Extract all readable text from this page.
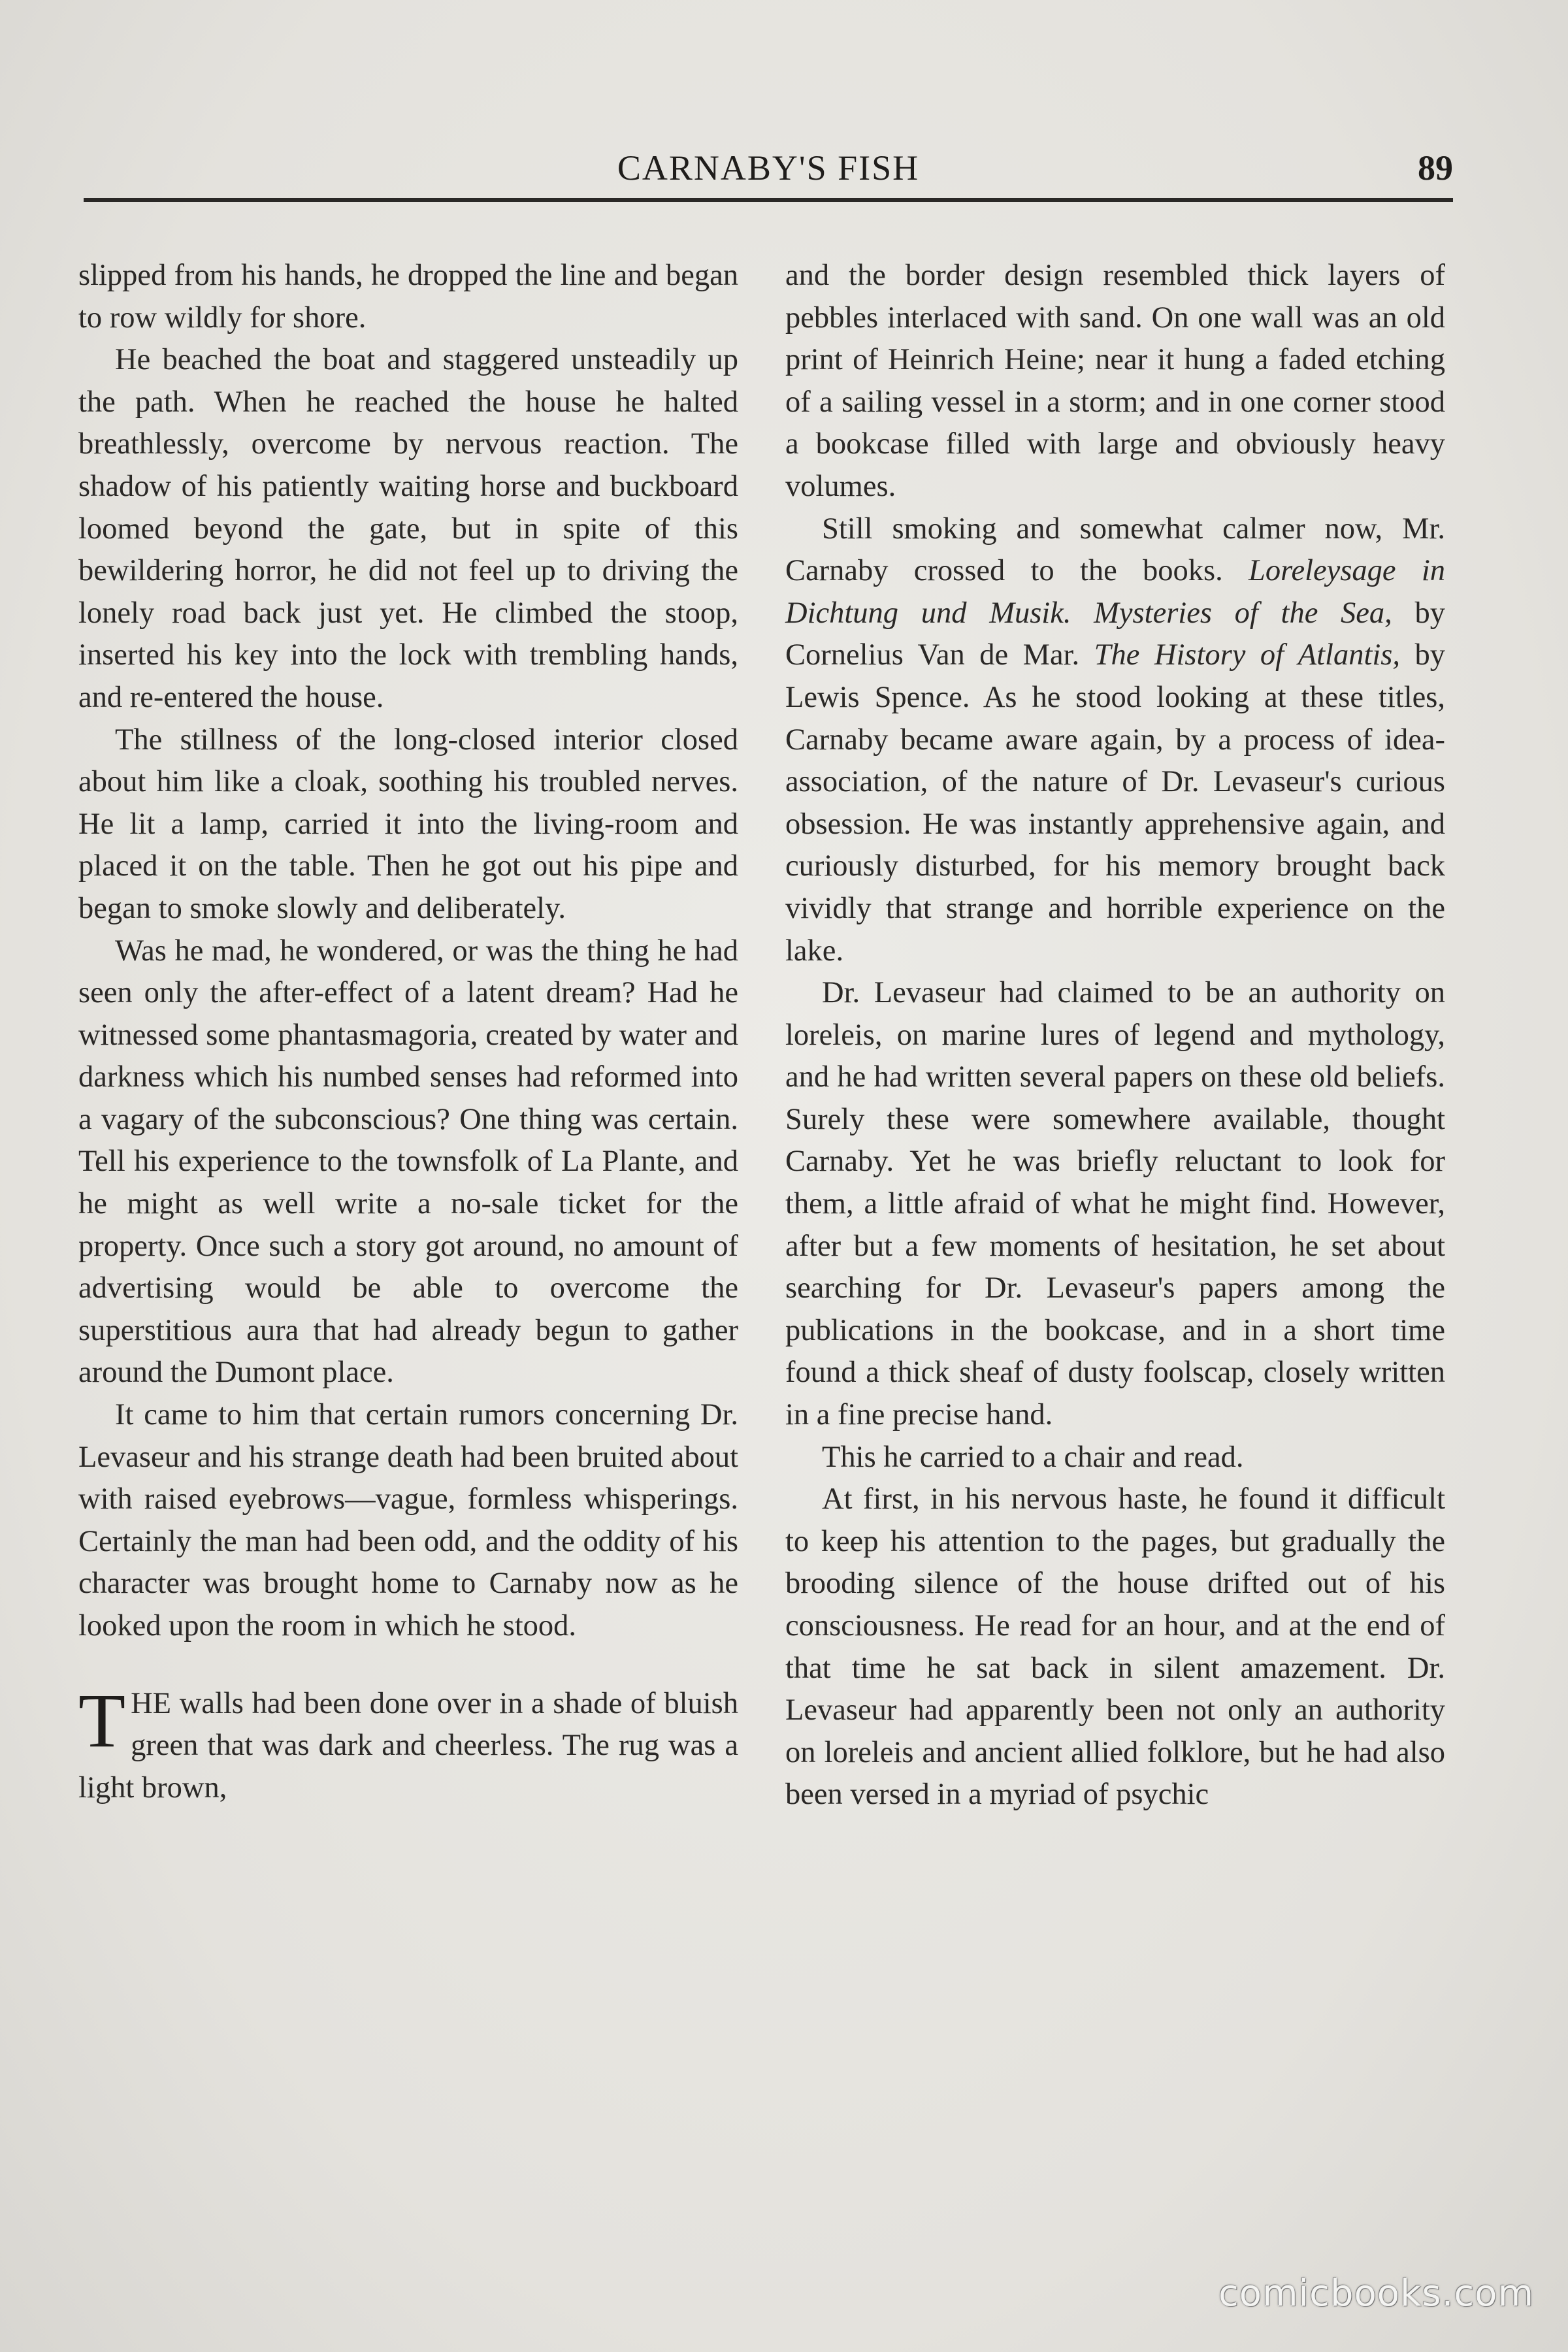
CARNABY'S FISH	89

slipped from his hands, he dropped the line and began to row wildly for shore.

He beached the boat and staggered unsteadily up the path. When he reached the house he halted breathlessly, overcome by nervous reaction. The shadow of his patiently waiting horse and buckboard loomed beyond the gate, but in spite of this bewildering horror, he did not feel up to driving the lonely road back just yet. He climbed the stoop, inserted his key into the lock with trembling hands, and re-entered the house.

The stillness of the long-closed interior closed about him like a cloak, soothing his troubled nerves. He lit a lamp, carried it into the living-room and placed it on the table. Then he got out his pipe and began to smoke slowly and deliberately.

Was he mad, he wondered, or was the thing he had seen only the after-effect of a latent dream? Had he witnessed some phantasmagoria, created by water and darkness which his numbed senses had reformed into a vagary of the subconscious? One thing was certain. Tell his experience to the townsfolk of La Plante, and he might as well write a no-sale ticket for the property. Once such a story got around, no amount of advertising would be able to overcome the superstitious aura that had already begun to gather around the Dumont place.

It came to him that certain rumors concerning Dr. Levaseur and his strange death had been bruited about with raised eyebrows—vague, formless whisperings. Certainly the man had been odd, and the oddity of his character was brought home to Carnaby now as he looked upon the room in which he stood.

THE walls had been done over in a shade of bluish green that was dark and cheerless. The rug was a light brown,

and the border design resembled thick layers of pebbles interlaced with sand. On one wall was an old print of Heinrich Heine; near it hung a faded etching of a sailing vessel in a storm; and in one corner stood a bookcase filled with large and obviously heavy volumes.

Still smoking and somewhat calmer now, Mr. Carnaby crossed to the books. Loreleysage in Dichtung und Musik. Mysteries of the Sea, by Cornelius Van de Mar. The History of Atlantis, by Lewis Spence. As he stood looking at these titles, Carnaby became aware again, by a process of idea-association, of the nature of Dr. Levaseur's curious obsession. He was instantly apprehensive again, and curiously disturbed, for his memory brought back vividly that strange and horrible experience on the lake.

Dr. Levaseur had claimed to be an authority on loreleis, on marine lures of legend and mythology, and he had written several papers on these old beliefs. Surely these were somewhere available, thought Carnaby. Yet he was briefly reluctant to look for them, a little afraid of what he might find. However, after but a few moments of hesitation, he set about searching for Dr. Levaseur's papers among the publications in the bookcase, and in a short time found a thick sheaf of dusty foolscap, closely written in a fine precise hand.

This he carried to a chair and read.

At first, in his nervous haste, he found it difficult to keep his attention to the pages, but gradually the brooding silence of the house drifted out of his consciousness. He read for an hour, and at the end of that time he sat back in silent amazement. Dr. Levaseur had apparently been not only an authority on loreleis and ancient allied folklore, but he had also been versed in a myriad of psychic

comicbooks.com
